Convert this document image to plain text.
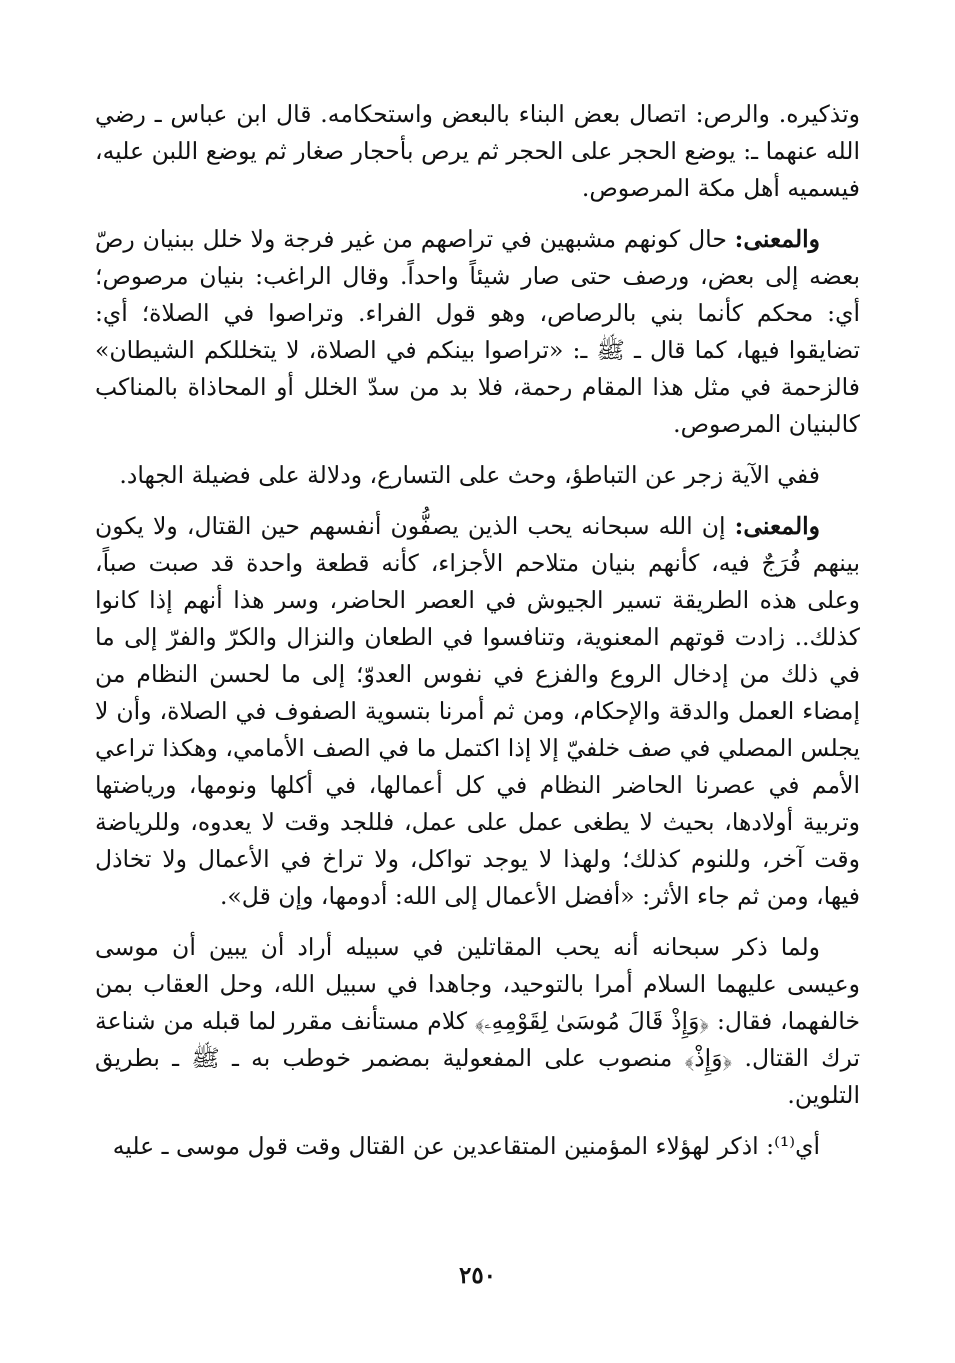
وتذكيره. والرص: اتصال بعض البناء بالبعض واستحكامه. قال ابن عباس ـ رضي الله عنهما ـ: يوضع الحجر على الحجر ثم يرص بأحجار صغار ثم يوضع اللبن عليه، فيسميه أهل مكة المرصوص.

والمعنى: حال كونهم مشبهين في تراصهم من غير فرجة ولا خلل ببنيان رصّ بعضه إلى بعض، ورصف حتى صار شيئاً واحداً. وقال الراغب: بنيان مرصوص؛ أي: محكم كأنما بني بالرصاص، وهو قول الفراء. وتراصوا في الصلاة؛ أي: تضايقوا فيها، كما قال ـ ﷺ ـ: «تراصوا بينكم في الصلاة، لا يتخللكم الشيطان» فالزحمة في مثل هذا المقام رحمة، فلا بد من سدّ الخلل أو المحاذاة بالمناكب كالبنيان المرصوص.

ففي الآية زجر عن التباطؤ، وحث على التسارع، ودلالة على فضيلة الجهاد.

والمعنى: إن الله سبحانه يحب الذين يصفُّون أنفسهم حين القتال، ولا يكون بينهم فُرَجٌ فيه، كأنهم بنيان متلاحم الأجزاء، كأنه قطعة واحدة قد صبت صباً، وعلى هذه الطريقة تسير الجيوش في العصر الحاضر، وسر هذا أنهم إذا كانوا كذلك.. زادت قوتهم المعنوية، وتنافسوا في الطعان والنزال والكرّ والفرّ إلى ما في ذلك من إدخال الروع والفزع في نفوس العدوّ؛ إلى ما لحسن النظام من إمضاء العمل والدقة والإحكام، ومن ثم أمرنا بتسوية الصفوف في الصلاة، وأن لا يجلس المصلي في صف خلفيّ إلا إذا اكتمل ما في الصف الأمامي، وهكذا تراعي الأمم في عصرنا الحاضر النظام في كل أعمالها، في أكلها ونومها، ورياضتها وتربية أولادها، بحيث لا يطغى عمل على عمل، فللجد وقت لا يعدوه، وللرياضة وقت آخر، وللنوم كذلك؛ ولهذا لا يوجد تواكل، ولا تراخ في الأعمال ولا تخاذل فيها، ومن ثم جاء الأثر: «أفضل الأعمال إلى الله: أدومها، وإن قل».

ولما ذكر سبحانه أنه يحب المقاتلين في سبيله أراد أن يبين أن موسى وعيسى عليهما السلام أمرا بالتوحيد، وجاهدا في سبيل الله، وحل العقاب بمن خالفهما، فقال: ﴿وَإِذْ قَالَ مُوسَىٰ لِقَوْمِهِۦ﴾ كلام مستأنف مقرر لما قبله من شناعة ترك القتال. ﴿وَإِذْ﴾ منصوب على المفعولية بمضمر خوطب به ـ ﷺ ـ بطريق التلوين.

أي⁽¹⁾: اذكر لهؤلاء المؤمنين المتقاعدين عن القتال وقت قول موسى ـ عليه

٢٥٠
